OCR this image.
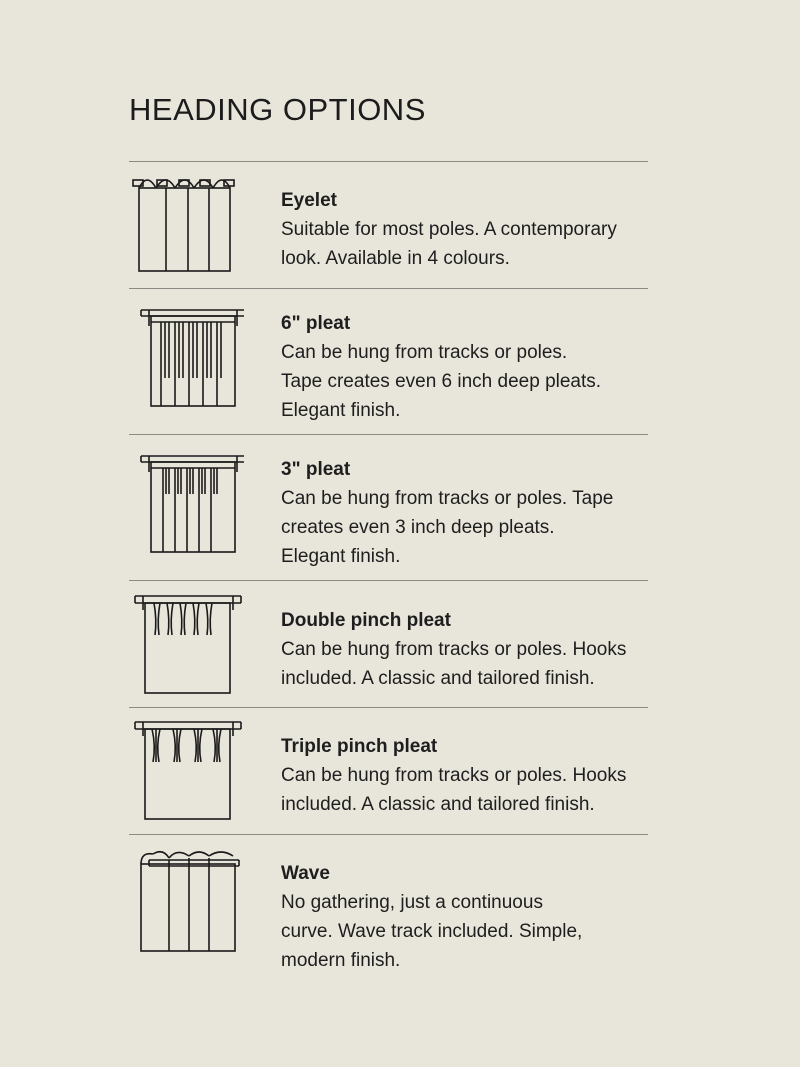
HEADING OPTIONS
Eyelet
Suitable for most poles. A contemporary
look. Available in 4 colours.
6" pleat
Can be hung from tracks or poles.
Tape creates even 6 inch deep pleats.
Elegant finish.
3" pleat
Can be hung from tracks or poles. Tape
creates even 3 inch deep pleats.
Elegant finish.
Double pinch pleat
Can be hung from tracks or poles. Hooks
included. A classic and tailored finish.
Triple pinch pleat
Can be hung from tracks or poles. Hooks
included. A classic and tailored finish.
Wave
No gathering, just a continuous
curve. Wave track included. Simple,
modern finish.
